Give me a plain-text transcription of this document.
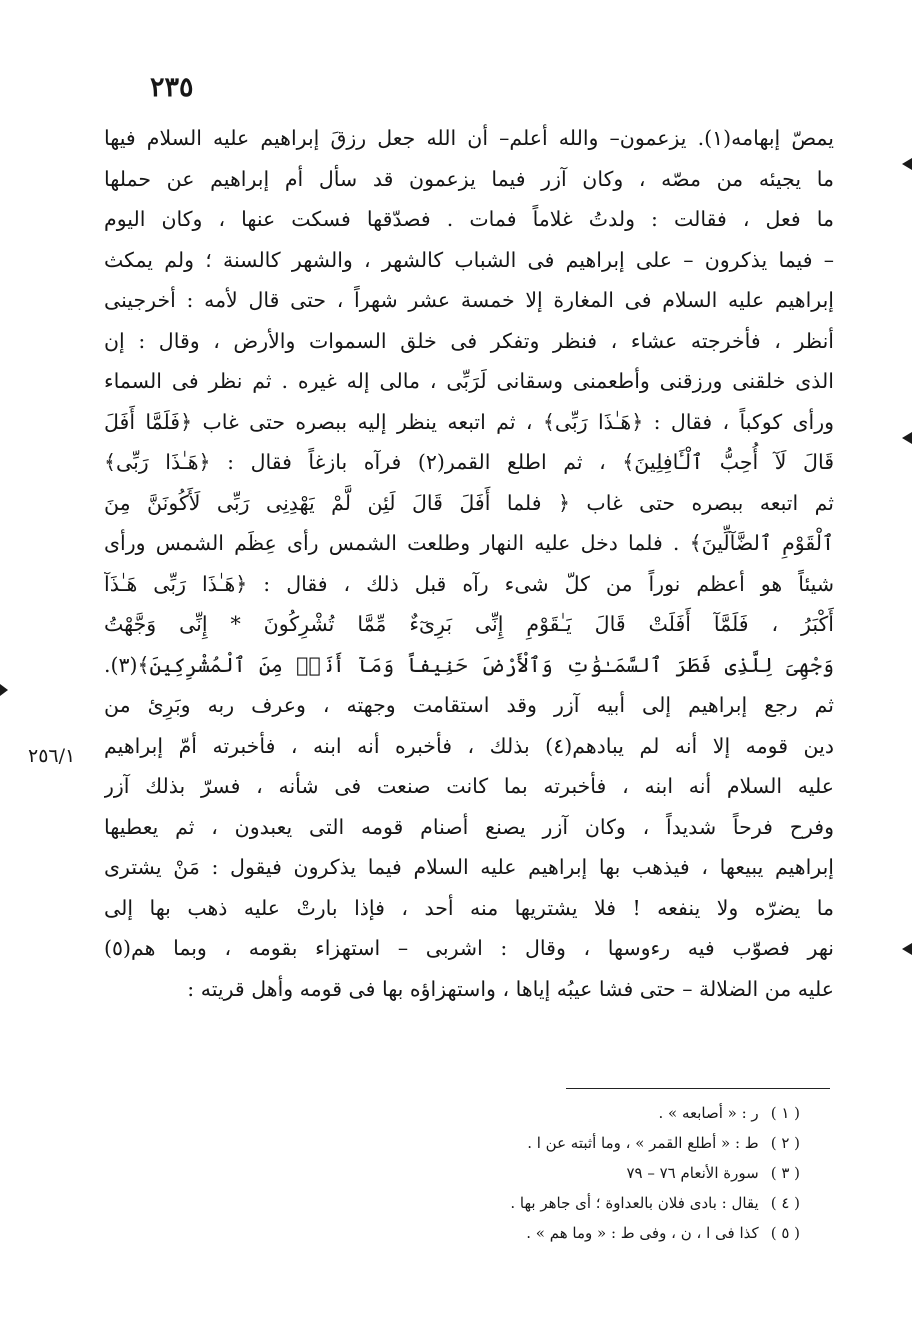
٢٣٥
٢٥٦/١
يمصّ إبهامه(١). يزعمون– والله أعلم– أن الله جعل رزقَ إبراهيم عليه السلام فيها
ما يجيئه من مصّه ، وكان آزر فيما يزعمون قد سأل أم إبراهيم عن حملها
ما فعل ، فقالت : ولدتُ غلاماً فمات . فصدّقها فسكت عنها ، وكان اليوم
– فيما يذكرون – على إبراهيم فى الشباب كالشهر ، والشهر كالسنة ؛ ولم يمكث
إبراهيم عليه السلام فى المغارة إلا خمسة عشر شهراً ، حتى قال لأمه : أخرجينى
أنظر ، فأخرجته عشاء ، فنظر وتفكر فى خلق السموات والأرض ، وقال : إن
الذى خلقنى ورزقنى وأطعمنى وسقانى لَرَبِّى ، مالى إله غيره . ثم نظر فى السماء
ورأى كوكباً ، فقال : ﴿هَـٰذَا رَبِّى﴾ ، ثم اتبعه ينظر إليه ببصره حتى غاب ﴿فَلَمَّا أَفَلَ
قَالَ لَآ أُحِبُّ ٱلْـَٔافِلِينَ﴾ ، ثم اطلع القمر(٢) فرآه بازغاً فقال : ﴿هَـٰذَا رَبِّى﴾
ثم اتبعه ببصره حتى غاب ﴿ فلما أَفَلَ قَالَ لَئِن لَّمْ يَهْدِنِى رَبِّى لَأَكُونَنَّ مِنَ
ٱلْقَوْمِ ٱلضَّآلِّينَ﴾ . فلما دخل عليه النهار وطلعت الشمس رأى عِظَم الشمس ورأى
شيئاً هو أعظم نوراً من كلّ شىء رآه قبل ذلك ، فقال : ﴿هَـٰذَا رَبِّى هَـٰذَآ
أَكْبَرُ ، فَلَمَّآ أَفَلَتْ قَالَ يَـٰقَوْمِ إِنِّى بَرِىٓءٌ مِّمَّا تُشْرِكُونَ * إِنِّى وَجَّهْتُ
وَجْهِىَ لِلَّذِى فَطَرَ ٱلسَّمَـٰوَٰتِ وَٱلْأَرْضَ حَنِيفاً وَمَآ أَنَا۠ مِنَ ٱلْمُشْرِكِينَ﴾(٣).
ثم رجع إبراهيم إلى أبيه آزر وقد استقامت وجهته ، وعرف ربه وبَرِئ من
دين قومه إلا أنه لم يبادهم(٤) بذلك ، فأخبره أنه ابنه ، فأخبرته أمّ إبراهيم
عليه السلام أنه ابنه ، فأخبرته بما كانت صنعت فى شأنه ، فسرّ بذلك آزر
وفرح فرحاً شديداً ، وكان آزر يصنع أصنام قومه التى يعبدون ، ثم يعطيها
إبراهيم يبيعها ، فيذهب بها إبراهيم عليه السلام فيما يذكرون فيقول : مَنْ يشترى
ما يضرّه ولا ينفعه ! فلا يشتريها منه أحد ، فإذا بارتْ عليه ذهب بها إلى
نهر فصوّب فيه رءوسها ، وقال : اشربى – استهزاء بقومه ، وبما هم(٥)
عليه من الضلالة – حتى فشا عيبُه إياها ، واستهزاؤه بها فى قومه وأهل قريته :
( ١ )ر : « أصابعه » .
( ٢ )ط : « أطلع القمر » ، وما أثبته عن ا .
( ٣ )سورة الأنعام ٧٦ – ٧٩
( ٤ )يقال : بادى فلان بالعداوة ؛ أى جاهر بها .
( ٥ )كذا فى ا ، ن ، وفى ط : « وما هم » .
